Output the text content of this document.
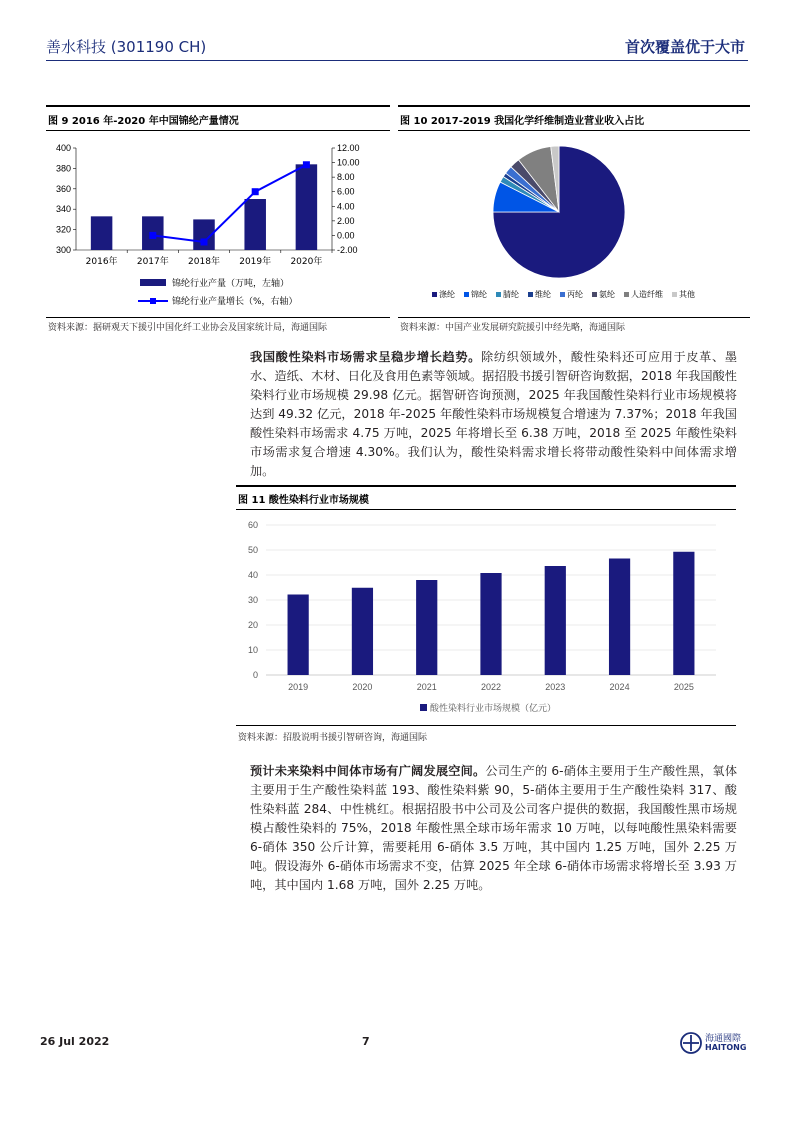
善水科技 (301190 CH)	首次覆盖优于大市
图 9 2016 年-2020 年中国锦纶产量情况
400
380
360
340
320
300
12.00
10.00
8.00
6.00
4.00
2.00
0.00
-2.00
2016年 2017年 2018年 2019年 2020年
锦纶行业产量（万吨，左轴）
锦纶行业产量增长（%，右轴）
资料来源：据研观天下援引中国化纤工业协会及国家统计局，海通国际
图 10 2017-2019 我国化学纤维制造业营业收入占比
涤纶 锦纶 腈纶 维纶 丙纶 氨纶 人造纤维 其他
资料来源：中国产业发展研究院援引中经先略，海通国际
我国酸性染料市场需求呈稳步增长趋势。除纺织领域外，酸性染料还可应用于皮革、墨水、造纸、木材、日化及食用色素等领域。据招股书援引智研咨询数据，2018 年我国酸性染料行业市场规模 29.98 亿元。据智研咨询预测，2025 年我国酸性染料行业市场规模将达到 49.32 亿元，2018 年-2025 年酸性染料市场规模复合增速为 7.37%；2018 年我国酸性染料市场需求 4.75 万吨，2025 年将增长至 6.38 万吨，2018 至 2025 年酸性染料市场需求复合增速 4.30%。我们认为，酸性染料需求增长将带动酸性染料中间体需求增加。
图 11 酸性染料行业市场规模
60
50
40
30
20
10
0
2019	2020	2021	2022	2023	2024	2025
酸性染料行业市场规模（亿元）
资料来源：招股说明书援引智研咨询，海通国际
预计未来染料中间体市场有广阔发展空间。公司生产的 6-硝体主要用于生产酸性黑，氧体主要用于生产酸性染料蓝 193、酸性染料紫 90，5-硝体主要用于生产酸性染料 317、酸性染料蓝 284、中性桃红。根据招股书中公司及公司客户提供的数据，我国酸性黑市场规模占酸性染料的 75%，2018 年酸性黑全球市场年需求 10 万吨，以每吨酸性黑染料需要 6-硝体 350 公斤计算，需要耗用 6-硝体 3.5 万吨，其中国内 1.25 万吨，国外 2.25 万吨。假设海外 6-硝体市场需求不变，估算 2025 年全球 6-硝体市场需求将增长至 3.93 万吨，其中国内 1.68 万吨，国外 2.25 万吨。
26 Jul 2022	7	海通國際
HAITONG
